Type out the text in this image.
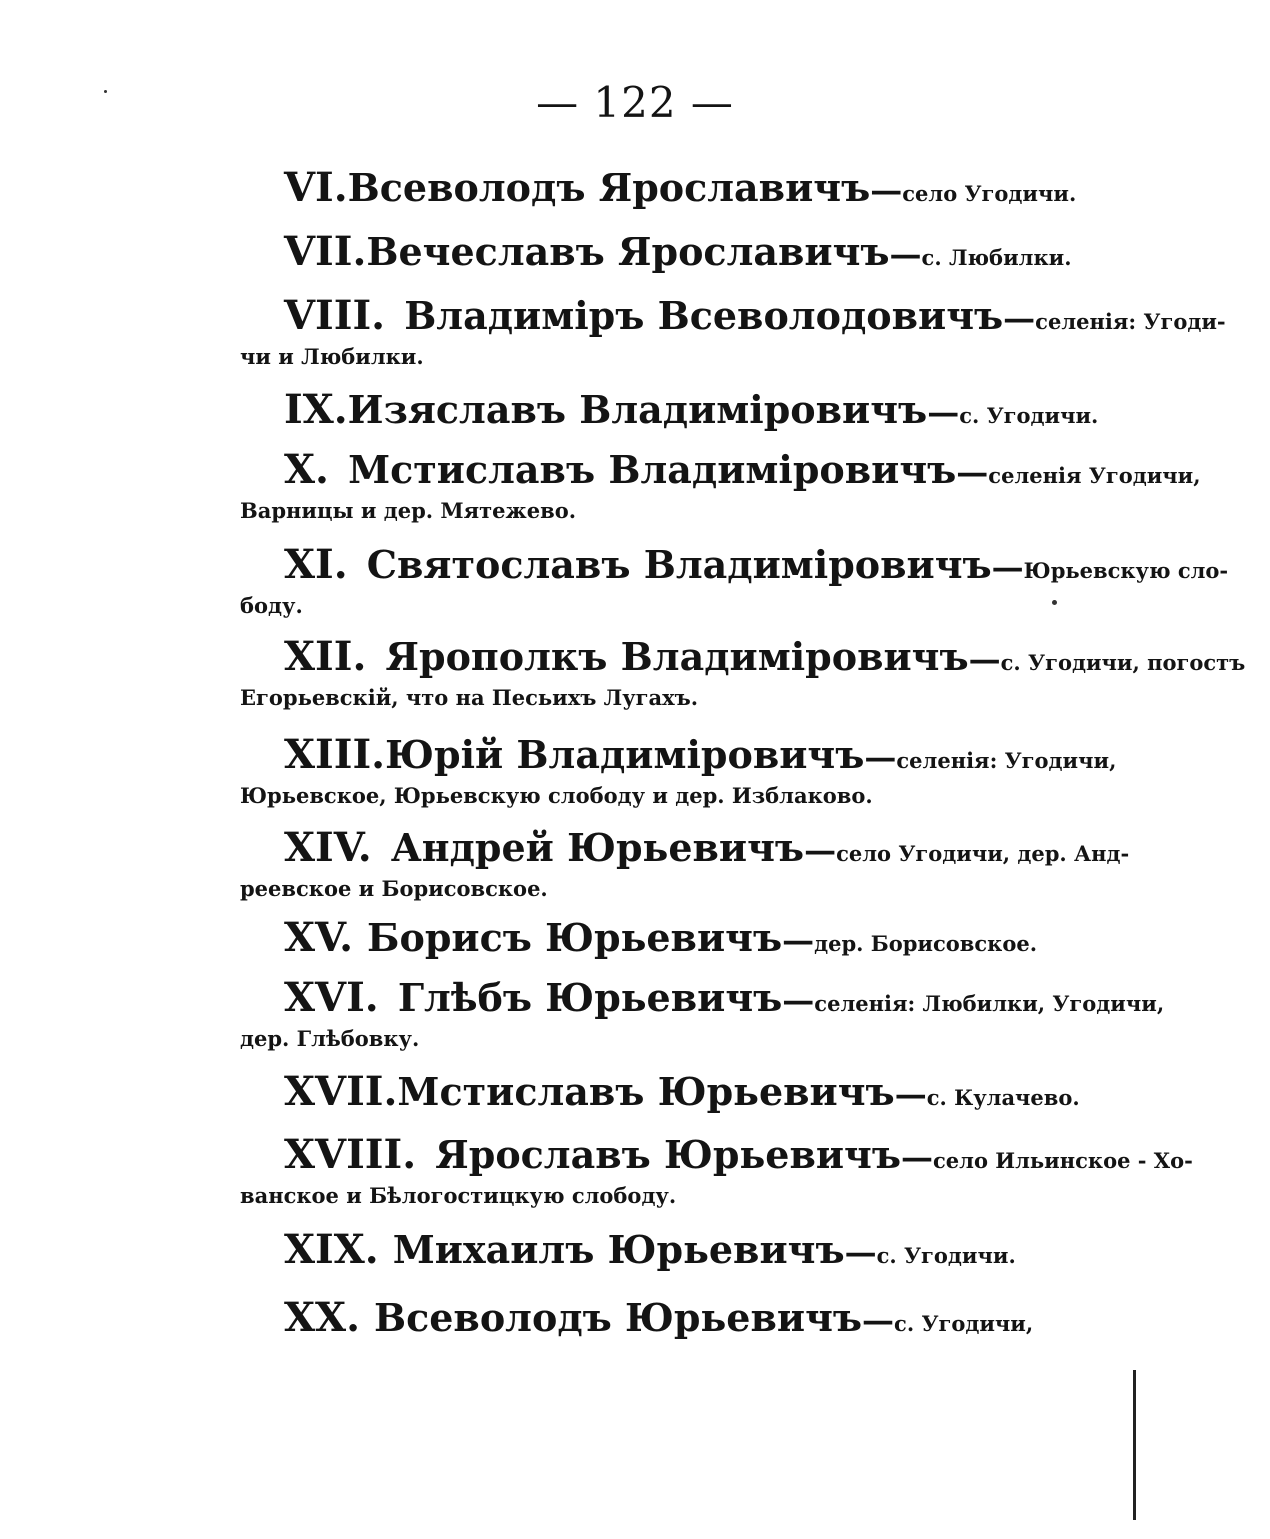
— 122 —
VI. Всеволодъ Ярославичъ — село Угодичи.
VII. Вечеславъ Ярославичъ — с. Любилки.
VIII. Владиміръ Всеволодовичъ— селенія: Угоди-
чи и Любилки.
IX. Изяславъ Владиміровичъ — с. Угодичи.
X. Мстиславъ Владиміровичъ— селенія Угодичи,
Варницы и дер. Мятежево.
XI. Святославъ Владиміровичъ— Юрьевскую сло-
боду.
XII. Ярополкъ Владиміровичъ— с. Угодичи, погостъ
Егорьевскій, что на Песьихъ Лугахъ.
XIII. Юрій Владиміровичъ — селенія: Угодичи,
Юрьевское, Юрьевскую слободу и дер. Изблаково.
XIV. Андрей Юрьевичъ— село Угодичи, дер. Анд-
реевское и Борисовское.
XV. Борисъ Юрьевичъ — дер. Борисовское.
XVI. Глѣбъ Юрьевичъ— селенія: Любилки, Угодичи,
дер. Глѣбовку.
XVII. Мстиславъ Юрьевичъ — с. Кулачево.
XVIII. Ярославъ Юрьевичъ— село Ильинское - Хо-
ванское и Бѣлогостицкую слободу.
XIX. Михаилъ Юрьевичъ — с. Угодичи.
XX. Всеволодъ Юрьевичъ — с. Угодичи,
